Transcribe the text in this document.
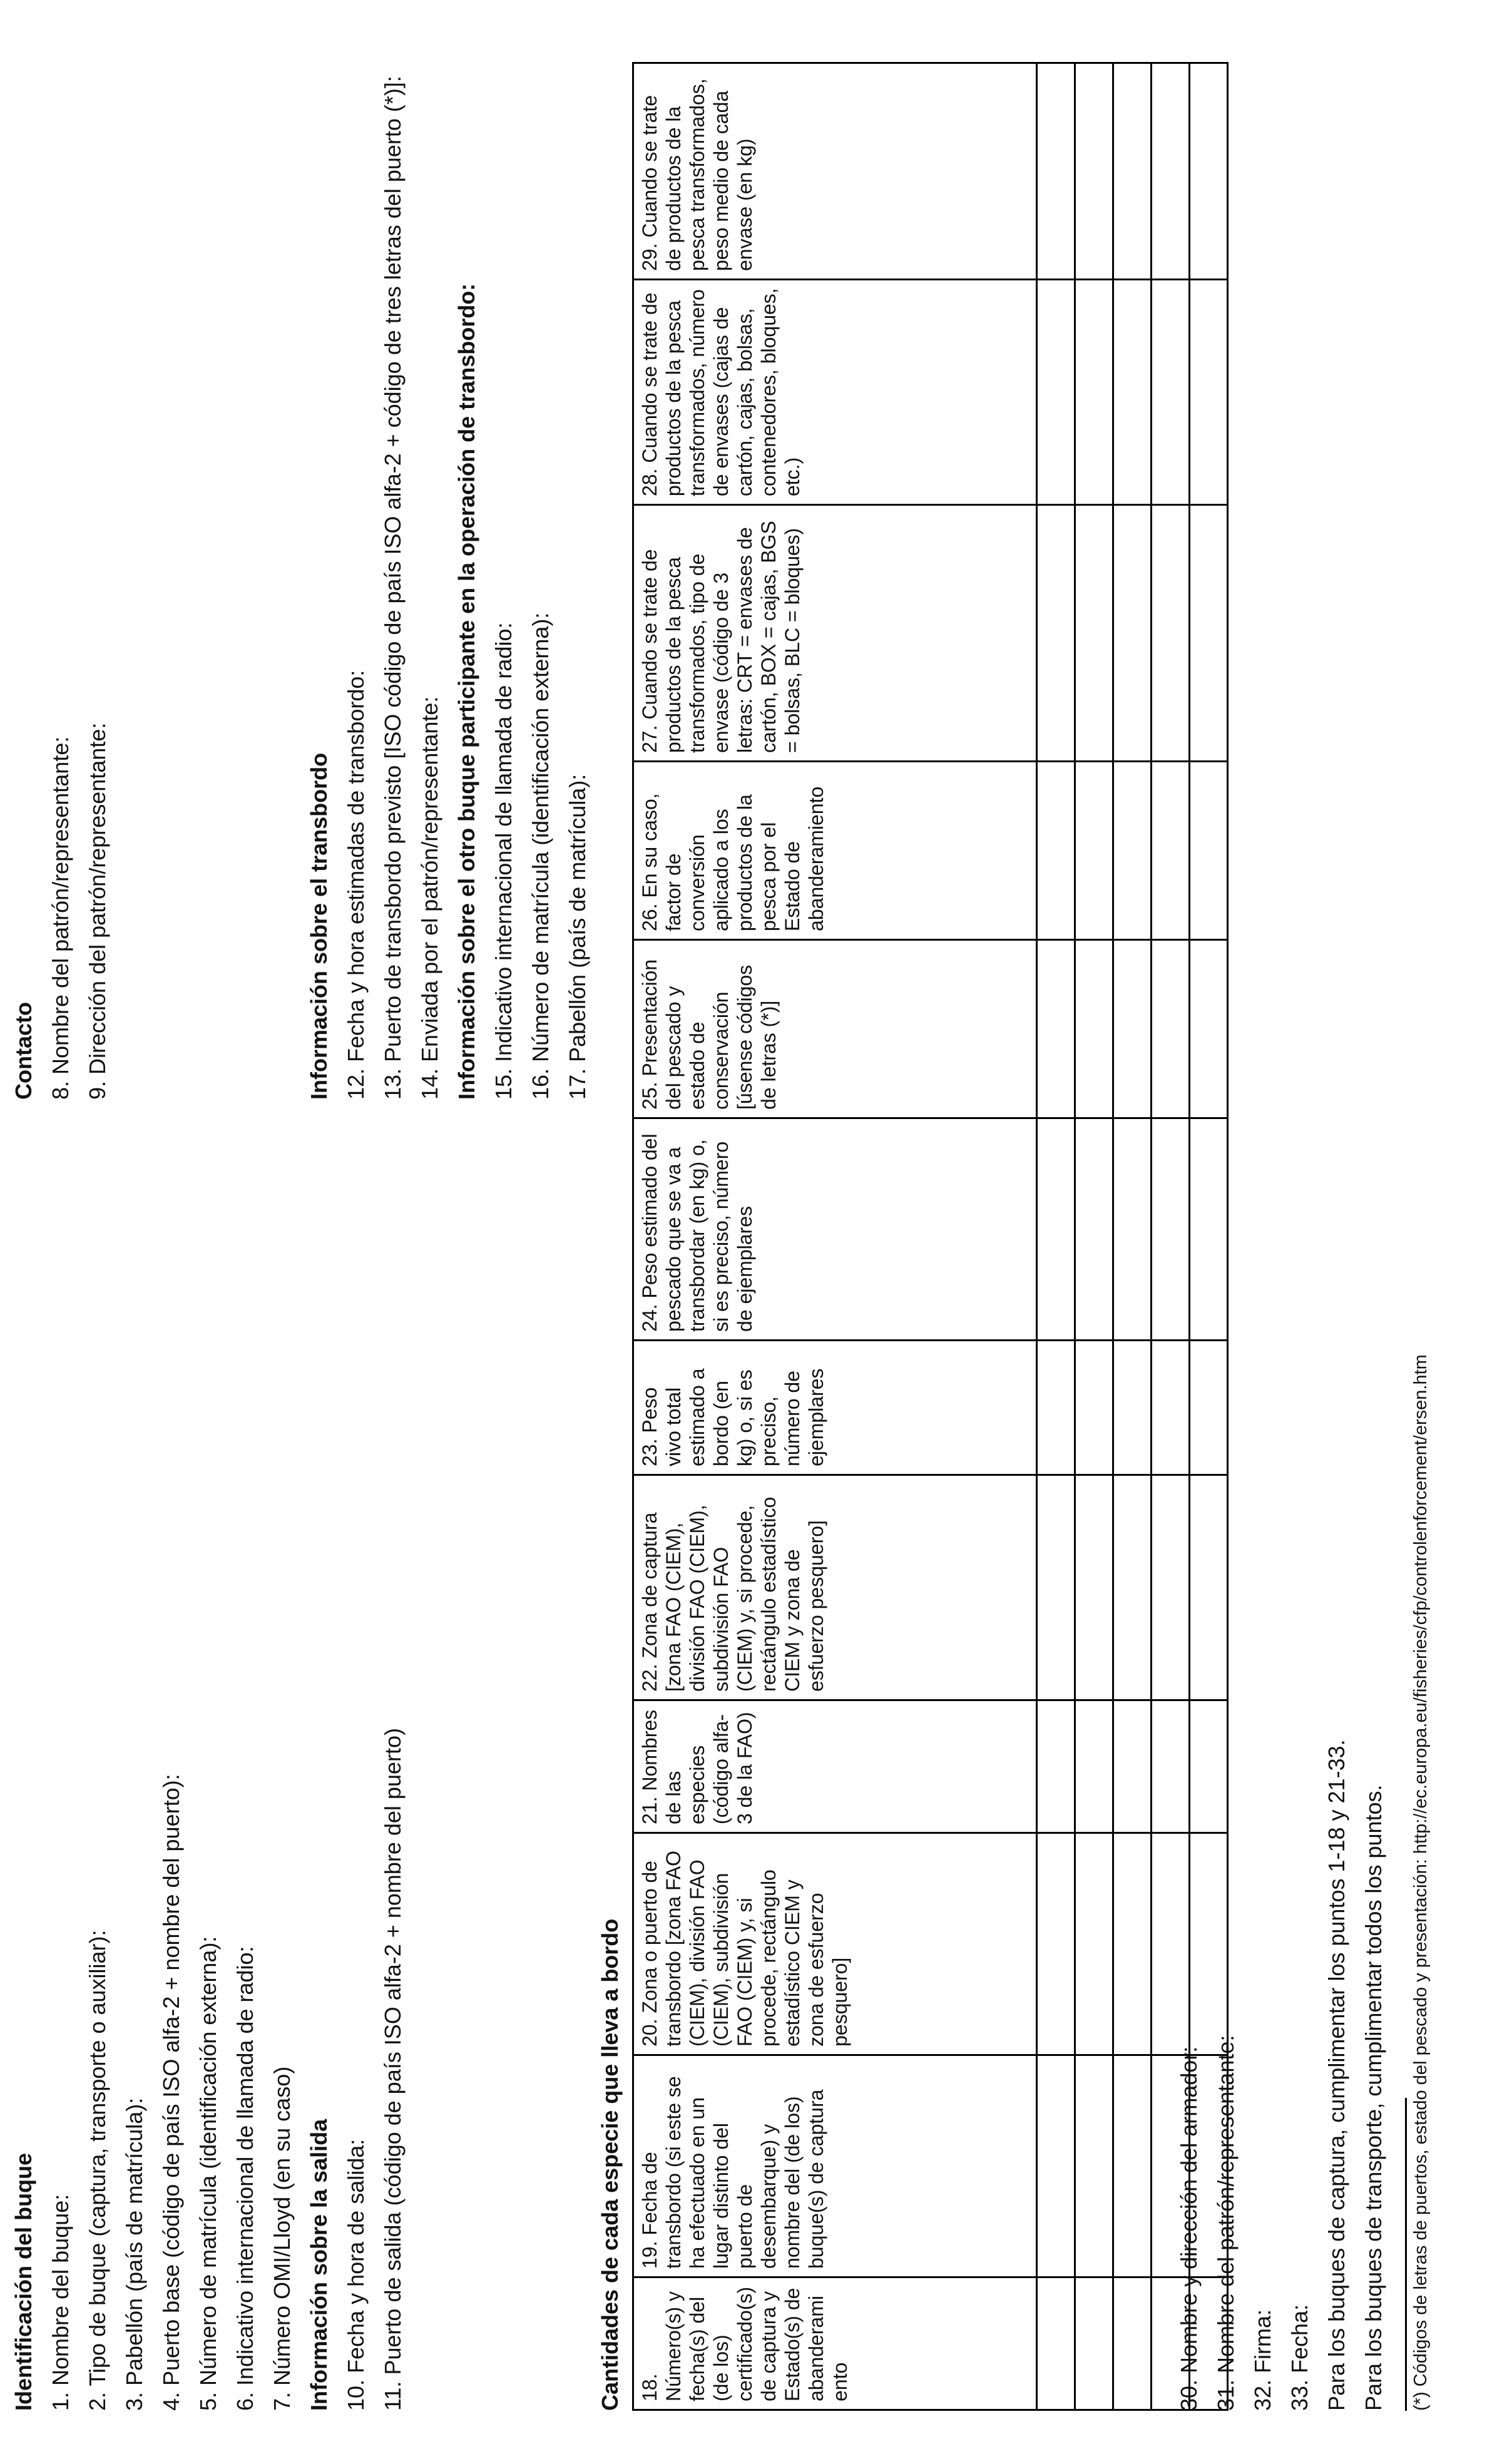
Identificación del buque 1. Nombre del buque: 2. Tipo de buque (captura, transporte o auxiliar): 3. Pabellón (país de matrícula): 4. Puerto base (código de país ISO alfa-2 + nombre del puerto): 5. Número de matrícula (identificación externa): 6. Indicativo internacional de llamada de radio: 7. Número OMI/Lloyd (en su caso) Información sobre la salida 10. Fecha y hora de salida: 11. Puerto de salida (código de país ISO alfa-2 + nombre del puerto)
Contacto 8. Nombre del patrón/representante: 9. Dirección del patrón/representante:	Información sobre el transbordo 12. Fecha y hora estimadas de transbordo: 13. Puerto de transbordo previsto [ISO código de país ISO alfa-2 + código de tres letras del puerto (*)]: 14. Enviada por el patrón/representante: Información sobre el otro buque participante en la operación de transbordo: 15. Indicativo internacional de llamada de radio: 16. Número de matrícula (identificación externa): 17. Pabellón (país de matrícula):
Cantidades de cada especie que lleva a bordo 18. Número(s) y fecha(s) del (de los) certificado(s) de captura y Estado(s) de abanderamiento	19. Fecha de transbordo (si este se ha efectuado en un lugar distinto del puerto de desembarque) y nombre del (de los) buque(s) de captura	20. Zona o puerto de transbordo [zona FAO (CIEM), división FAO (CIEM), subdivisión FAO (CIEM) y, si procede, rectángulo estadístico CIEM y zona de esfuerzo pesquero]	21. Nombres de las especies (código alfa-3 de la FAO)	22. Zona de captura [zona FAO (CIEM), división FAO (CIEM), subdivisión FAO (CIEM) y, si procede, rectángulo estadístico CIEM y zona de esfuerzo pesquero]	23. Peso vivo total estimado a bordo (en kg) o, si es preciso, número de ejemplares	24. Peso estimado del pescado que se va a transbordar (en kg) o, si es preciso, número de ejemplares	25. Presentación del pescado y estado de conservación [úsense códigos de letras (*)]	26. En su caso, factor de conversión aplicado a los productos de la pesca por el Estado de abanderamiento	27. Cuando se trate de productos de la pesca transformados, tipo de envase (código de 3 letras: CRT = envases de cartón, BOX = cajas, BGS = bolsas, BLC = bloques)	28. Cuando se trate de productos de la pesca transformados, número de envases (cajas de cartón, cajas, bolsas, contenedores, bloques, etc.)	29. Cuando se trate de productos de la pesca transformados, peso medio de cada envase (en kg)

30. Nombre y dirección del armador: 31. Nombre del patrón/representante: 32. Firma: 33. Fecha: Para los buques de captura, cumplimentar los puntos 1-18 y 21-33. Para los buques de transporte, cumplimentar todos los puntos.	(*) Códigos de letras de puertos, estado del pescado y presentación: http://ec.europa.eu/fisheries/cfp/controlenforcement/ersen.htm
